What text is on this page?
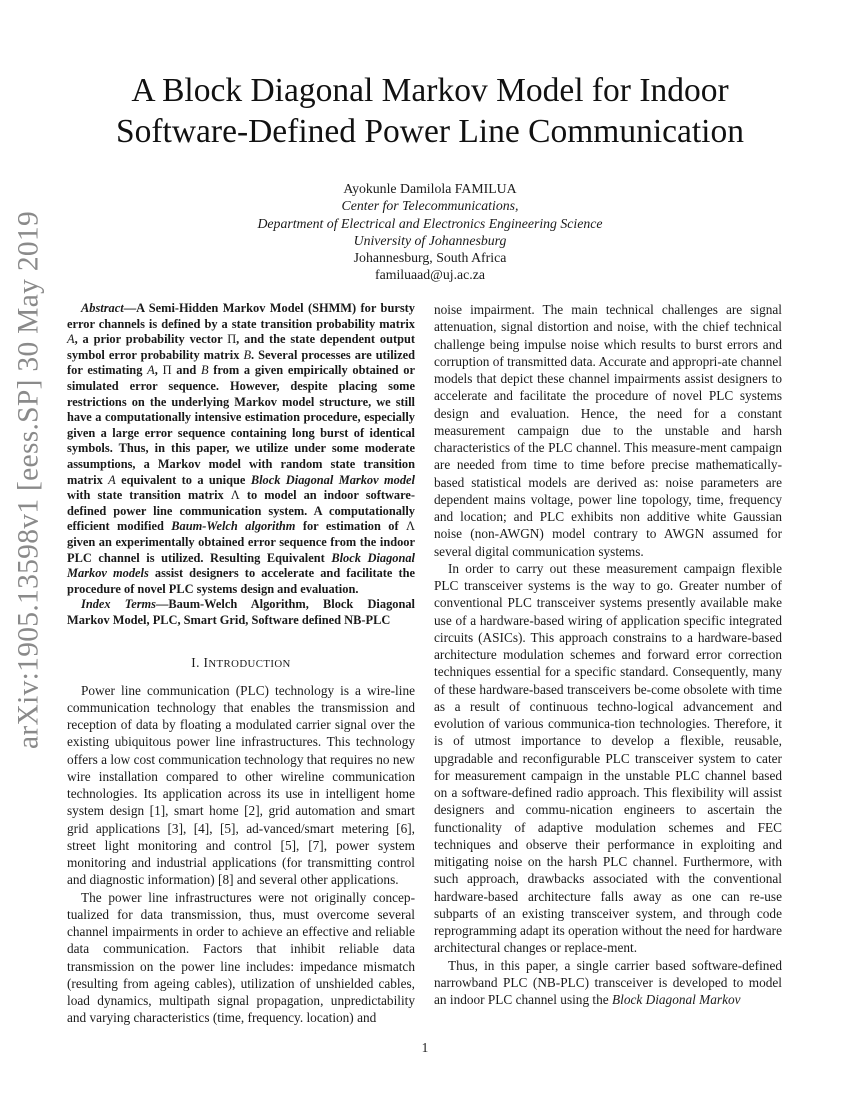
arXiv:1905.13598v1 [eess.SP] 30 May 2019
A Block Diagonal Markov Model for Indoor
Software-Defined Power Line Communication
Ayokunle Damilola FAMILUA
Center for Telecommunications,
Department of Electrical and Electronics Engineering Science
University of Johannesburg
Johannesburg, South Africa
familuaad@uj.ac.za

Abstract—A Semi-Hidden Markov Model (SHMM) for bursty error channels is defined by a state transition probability matrix A, a prior probability vector Π, and the state dependent output symbol error probability matrix B. Several processes are utilized for estimating A, Π and B from a given empirically obtained or simulated error sequence. However, despite placing some restrictions on the underlying Markov model structure, we still have a computationally intensive estimation procedure, especially given a large error sequence containing long burst of identical symbols. Thus, in this paper, we utilize under some moderate assumptions, a Markov model with random state transition matrix A equivalent to a unique Block Diagonal Markov model with state transition matrix Λ to model an indoor software-defined power line communication system. A computationally efficient modified Baum-Welch algorithm for estimation of Λ given an experimentally obtained error sequence from the indoor PLC channel is utilized. Resulting Equivalent Block Diagonal Markov models assist designers to accelerate and facilitate the procedure of novel PLC systems design and evaluation.

Index Terms—Baum-Welch Algorithm, Block Diagonal Markov Model, PLC, Smart Grid, Software defined NB-PLC

I. INTRODUCTION

Power line communication (PLC) technology is a wire-line communication technology that enables the transmission and reception of data by floating a modulated carrier signal over the existing ubiquitous power line infrastructures. This technology offers a low cost communication technology that requires no new wire installation compared to other wireline communication technologies. Its application across its use in intelligent home system design [1], smart home [2], grid automation and smart grid applications [3], [4], [5], ad-vanced/smart metering [6], street light monitoring and control [5], [7], power system monitoring and industrial applications (for transmitting control and diagnostic information) [8] and several other applications.

The power line infrastructures were not originally concep-tualized for data transmission, thus, must overcome several channel impairments in order to achieve an effective and reliable data communication. Factors that inhibit reliable data transmission on the power line includes: impedance mismatch (resulting from ageing cables), utilization of unshielded cables, load dynamics, multipath signal propagation, unpredictability and varying characteristics (time, frequency. location) and

noise impairment. The main technical challenges are signal attenuation, signal distortion and noise, with the chief technical challenge being impulse noise which results to burst errors and corruption of transmitted data. Accurate and appropri-ate channel models that depict these channel impairments assist designers to accelerate and facilitate the procedure of novel PLC systems design and evaluation. Hence, the need for a constant measurement campaign due to the unstable and harsh characteristics of the PLC channel. This measure-ment campaign are needed from time to time before precise mathematically-based statistical models are derived as: noise parameters are dependent mains voltage, power line topology, time, frequency and location; and PLC exhibits non additive white Gaussian noise (non-AWGN) model contrary to AWGN assumed for several digital communication systems.

In order to carry out these measurement campaign flexible PLC transceiver systems is the way to go. Greater number of conventional PLC transceiver systems presently available make use of a hardware-based wiring of application specific integrated circuits (ASICs). This approach constrains to a hardware-based architecture modulation schemes and forward error correction techniques essential for a specific standard. Consequently, many of these hardware-based transceivers be-come obsolete with time as a result of continuous techno-logical advancement and evolution of various communica-tion technologies. Therefore, it is of utmost importance to develop a flexible, reusable, upgradable and reconfigurable PLC transceiver system to cater for measurement campaign in the unstable PLC channel based on a software-defined radio approach. This flexibility will assist designers and commu-nication engineers to ascertain the functionality of adaptive modulation schemes and FEC techniques and observe their performance in exploiting and mitigating noise on the harsh PLC channel. Furthermore, with such approach, drawbacks associated with the conventional hardware-based architecture falls away as one can re-use subparts of an existing transceiver system, and through code reprogramming adapt its operation without the need for hardware architectural changes or replace-ment.

Thus, in this paper, a single carrier based software-defined narrowband PLC (NB-PLC) transceiver is developed to model an indoor PLC channel using the Block Diagonal Markov

1
